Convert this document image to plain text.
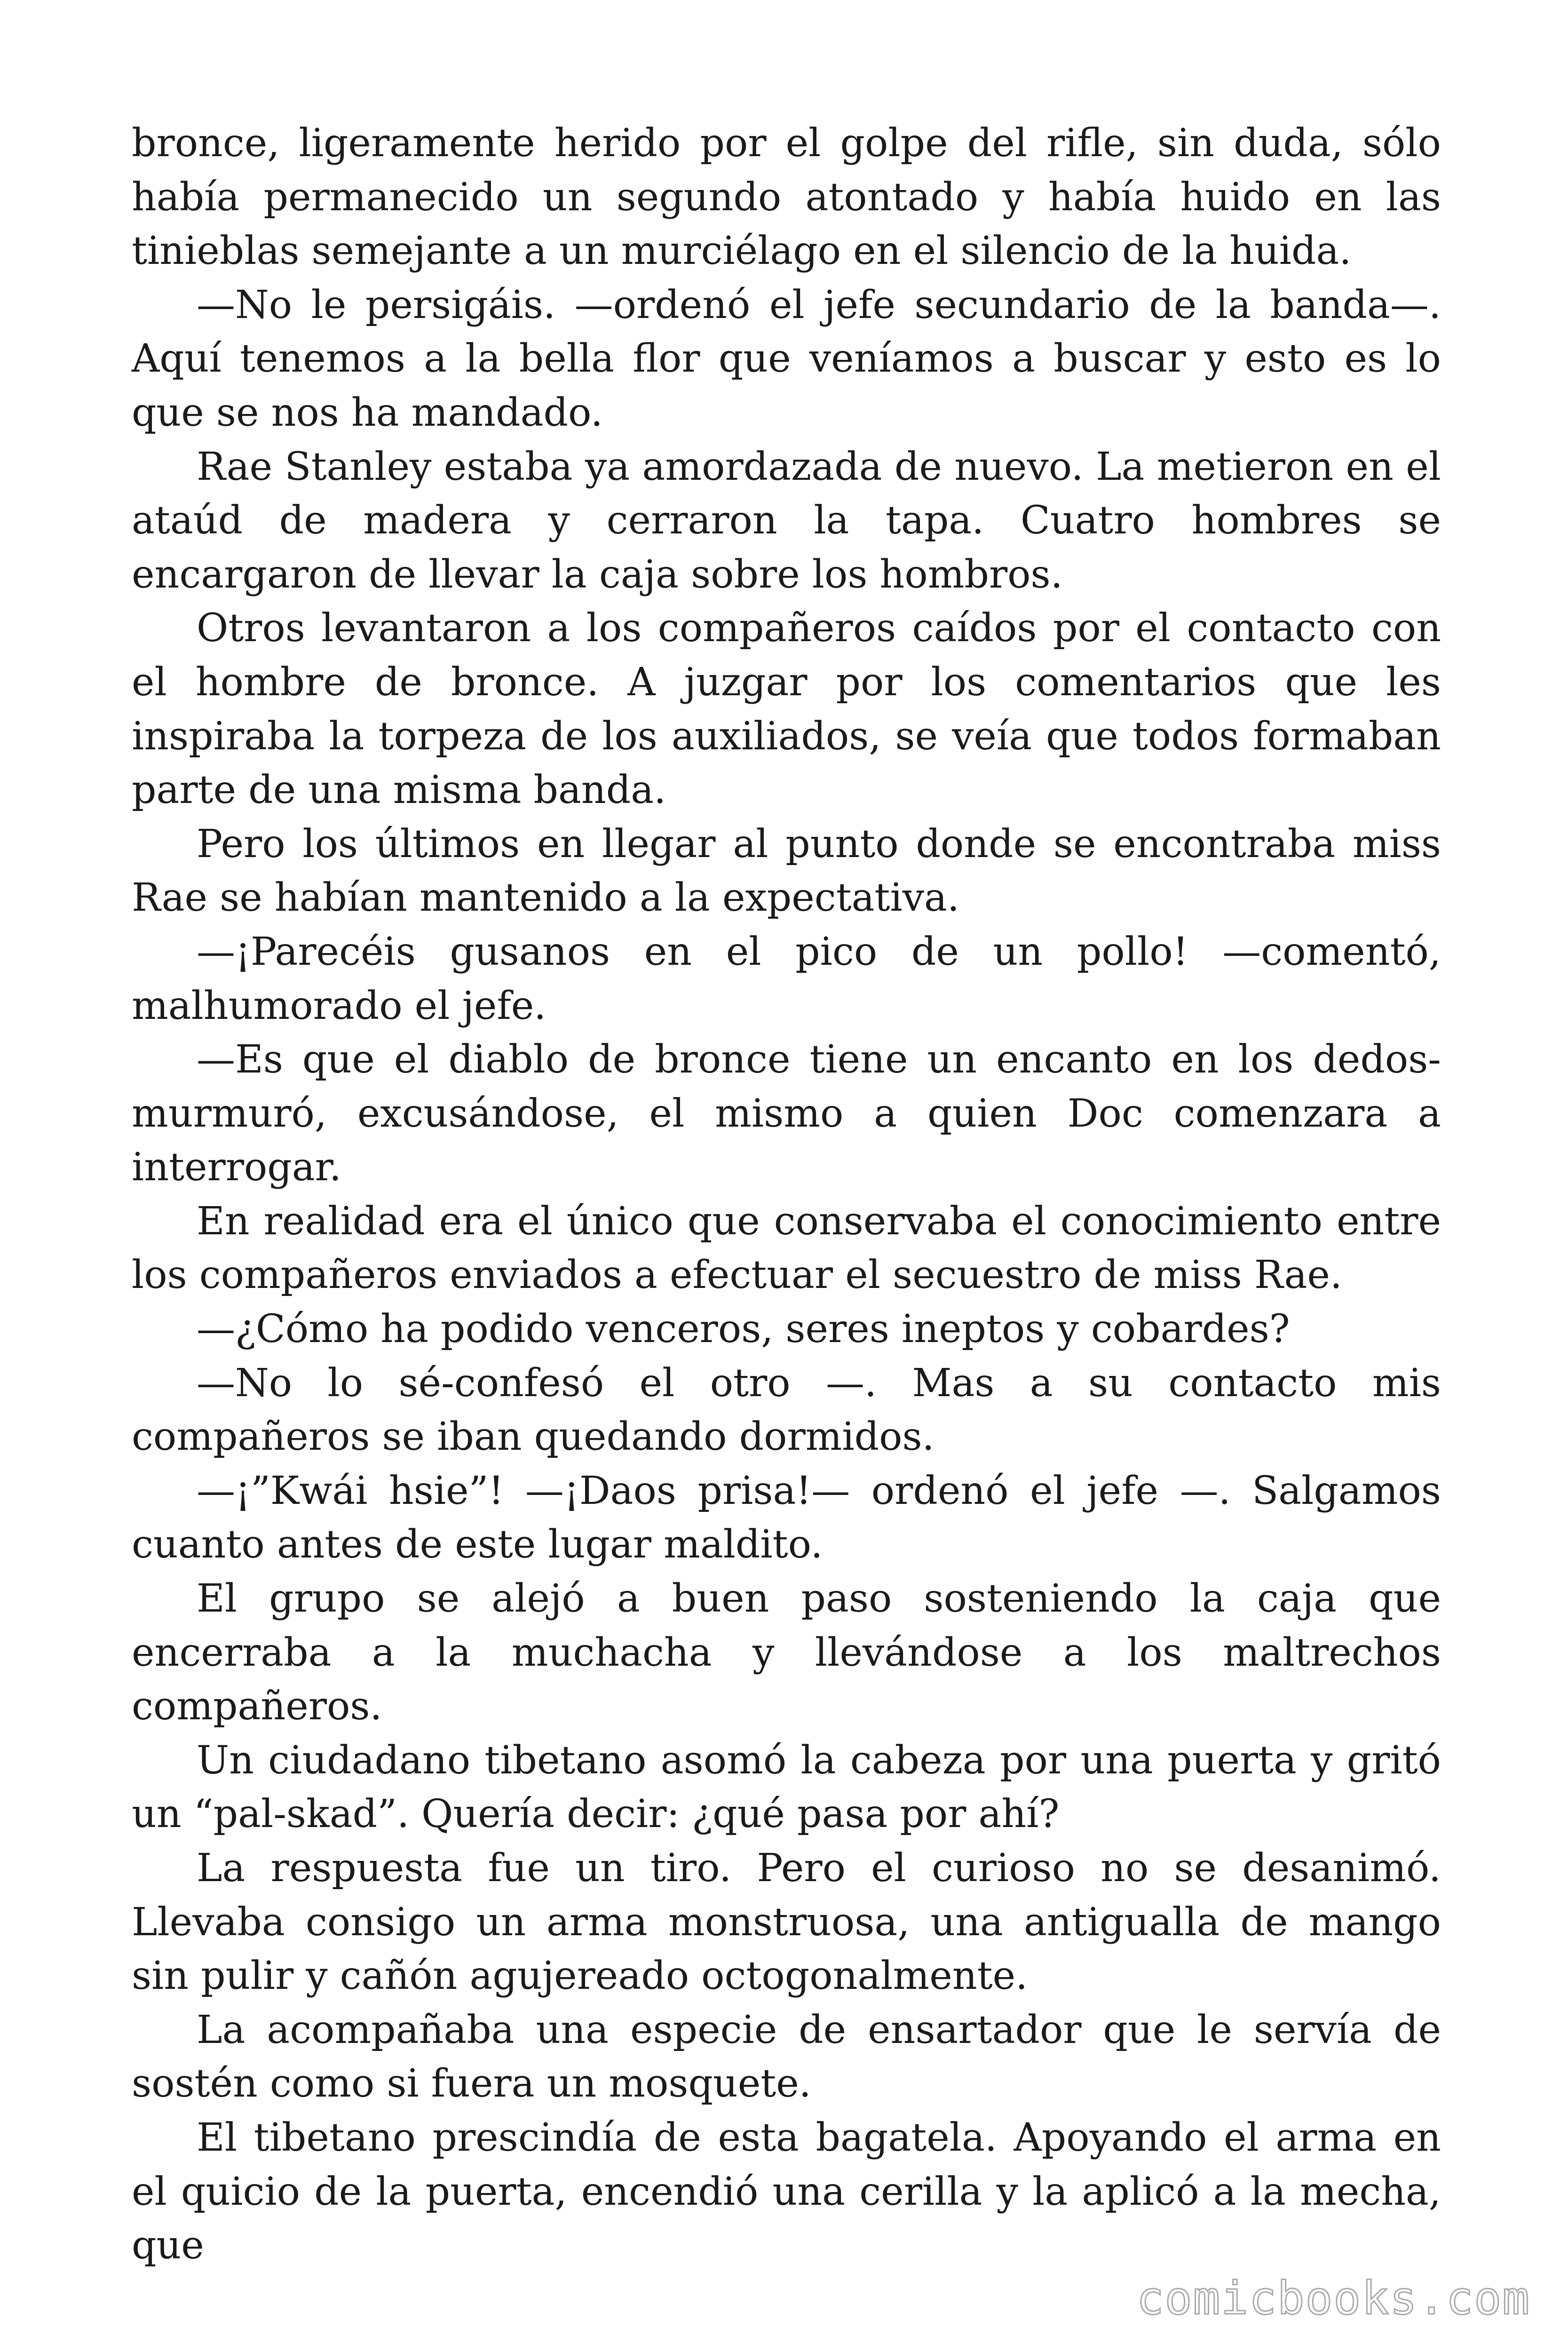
bronce, ligeramente herido por el golpe del rifle, sin duda, sólo había permanecido un segundo atontado y había huido en las tinieblas semejante a un murciélago en el silencio de la huida.

—No le persigáis. —ordenó el jefe secundario de la banda—. Aquí tenemos a la bella flor que veníamos a buscar y esto es lo que se nos ha mandado.

Rae Stanley estaba ya amordazada de nuevo. La metieron en el ataúd de madera y cerraron la tapa. Cuatro hombres se encargaron de llevar la caja sobre los hombros.

Otros levantaron a los compañeros caídos por el contacto con el hombre de bronce. A juzgar por los comentarios que les inspiraba la torpeza de los auxiliados, se veía que todos formaban parte de una misma banda.

Pero los últimos en llegar al punto donde se encontraba miss Rae se habían mantenido a la expectativa.

—¡Parecéis gusanos en el pico de un pollo! —comentó, malhumorado el jefe.

—Es que el diablo de bronce tiene un encanto en los dedos-murmuró, excusándose, el mismo a quien Doc comenzara a interrogar.

En realidad era el único que conservaba el conocimiento entre los compañeros enviados a efectuar el secuestro de miss Rae.

—¿Cómo ha podido venceros, seres ineptos y cobardes?

—No lo sé-confesó el otro —. Mas a su contacto mis compañeros se iban quedando dormidos.

—¡”Kwái hsie”! —¡Daos prisa!— ordenó el jefe —. Salgamos cuanto antes de este lugar maldito.

El grupo se alejó a buen paso sosteniendo la caja que encerraba a la muchacha y llevándose a los maltrechos compañeros.

Un ciudadano tibetano asomó la cabeza por una puerta y gritó un “pal-skad”. Quería decir: ¿qué pasa por ahí?

La respuesta fue un tiro. Pero el curioso no se desanimó. Llevaba consigo un arma monstruosa, una antigualla de mango sin pulir y cañón agujereado octogonalmente.

La acompañaba una especie de ensartador que le servía de sostén como si fuera un mosquete.

El tibetano prescindía de esta bagatela. Apoyando el arma en el quicio de la puerta, encendió una cerilla y la aplicó a la mecha, que

comicbooks.com
